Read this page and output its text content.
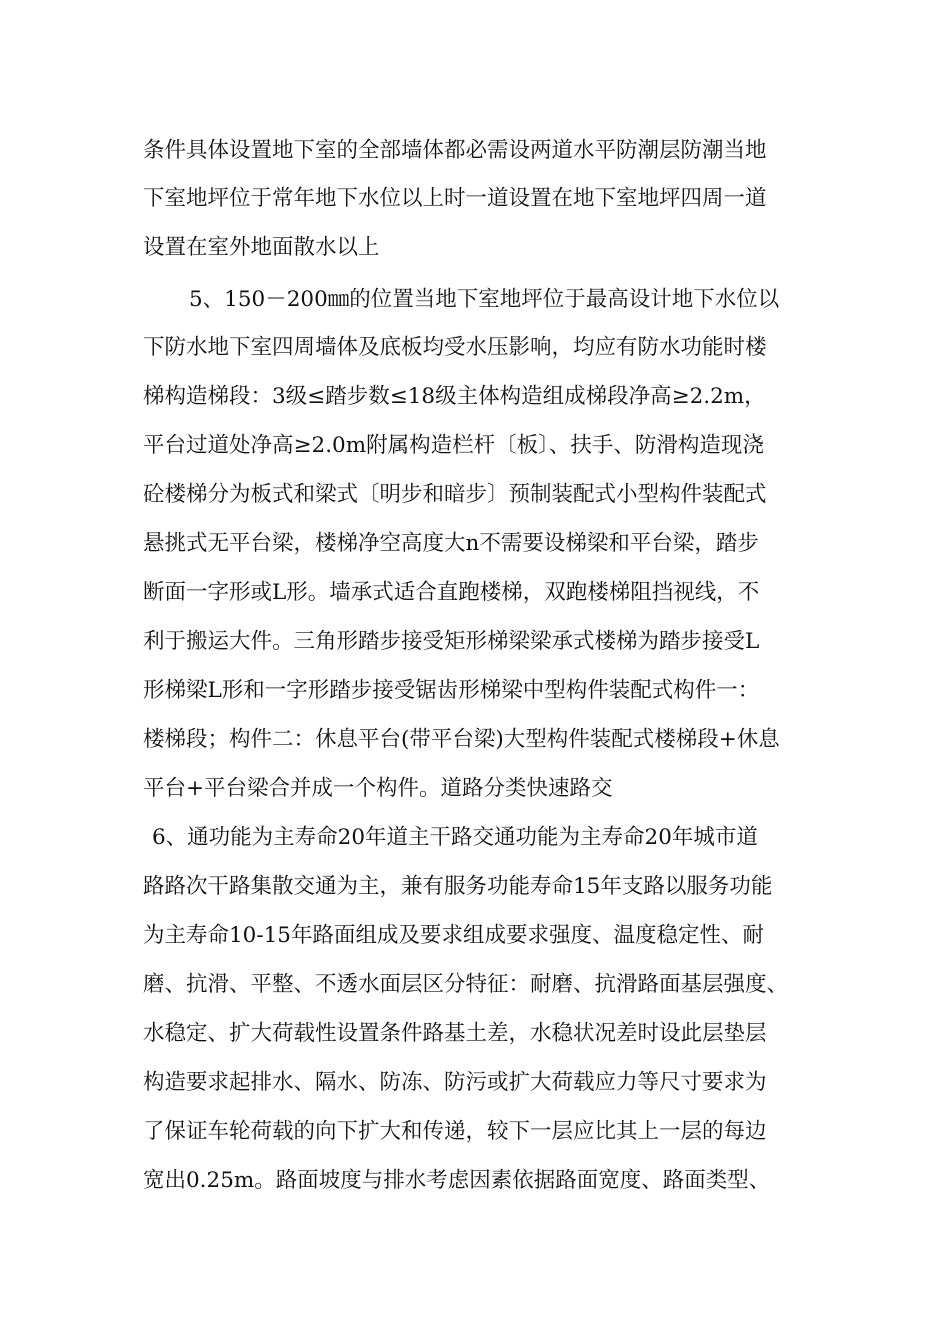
条件具体设置地下室的全部墙体都必需设两道水平防潮层防潮当地
下室地坪位于常年地下水位以上时一道设置在地下室地坪四周一道
设置在室外地面散水以上
5、150－200㎜的位置当地下室地坪位于最高设计地下水位以
下防水地下室四周墙体及底板均受水压影响，均应有防水功能时楼
梯构造梯段：3级≤踏步数≤18级主体构造组成梯段净高≥2.2m，
平台过道处净高≥2.0m附属构造栏杆〔板〕、扶手、防滑构造现浇
砼楼梯分为板式和梁式〔明步和暗步〕预制装配式小型构件装配式
悬挑式无平台梁，楼梯净空高度大n不需要设梯梁和平台梁，踏步
断面一字形或L形。墙承式适合直跑楼梯，双跑楼梯阻挡视线，不
利于搬运大件。三角形踏步接受矩形梯梁梁承式楼梯为踏步接受L
形梯梁L形和一字形踏步接受锯齿形梯梁中型构件装配式构件一：
楼梯段；构件二：休息平台(带平台梁)大型构件装配式楼梯段+休息
平台+平台梁合并成一个构件。道路分类快速路交
6、通功能为主寿命20年道主干路交通功能为主寿命20年城市道
路路次干路集散交通为主，兼有服务功能寿命15年支路以服务功能
为主寿命10-15年路面组成及要求组成要求强度、温度稳定性、耐
磨、抗滑、平整、不透水面层区分特征：耐磨、抗滑路面基层强度、
水稳定、扩大荷载性设置条件路基土差，水稳状况差时设此层垫层
构造要求起排水、隔水、防冻、防污或扩大荷载应力等尺寸要求为
了保证车轮荷载的向下扩大和传递，较下一层应比其上一层的每边
宽出0.25m。路面坡度与排水考虑因素依据路面宽度、路面类型、
